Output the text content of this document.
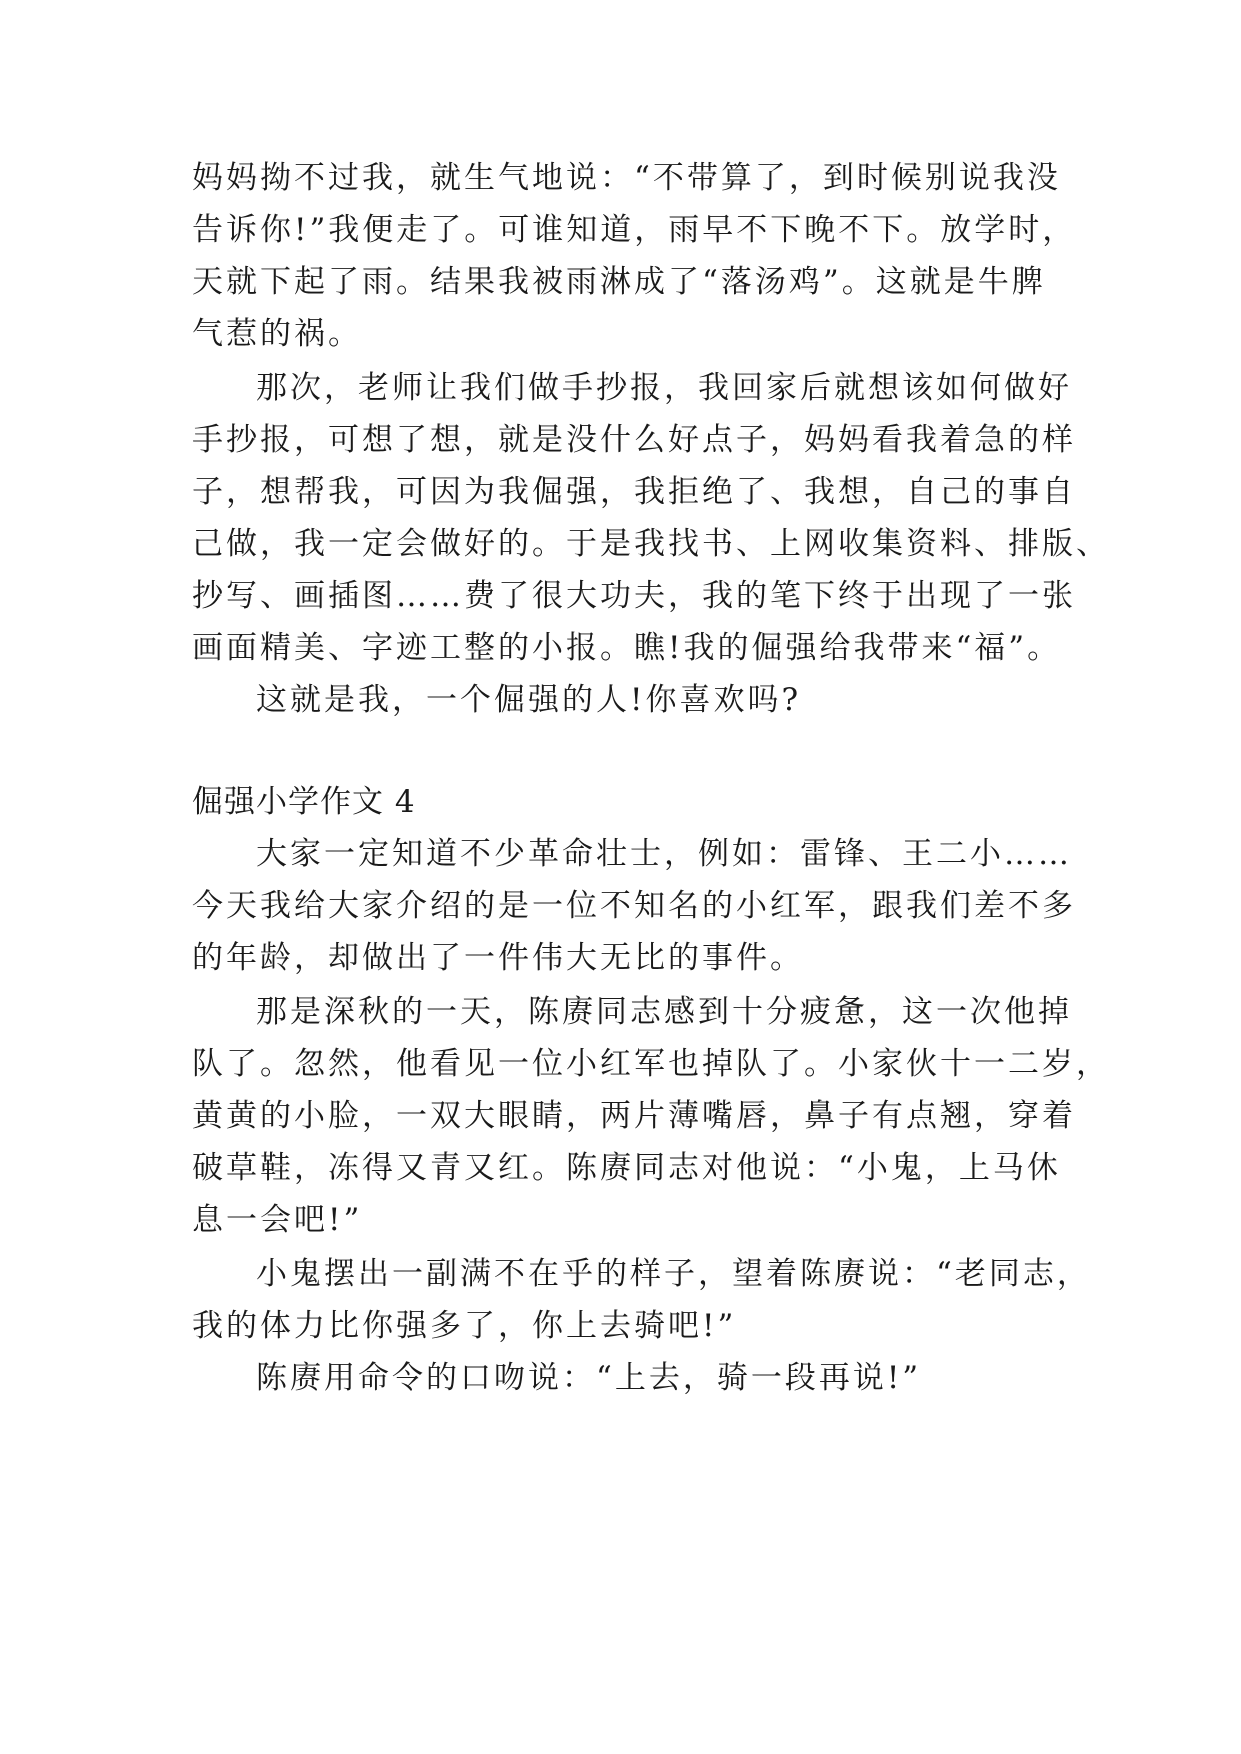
妈妈拗不过我，就生气地说：“不带算了，到时候别说我没
告诉你!”我便走了。可谁知道，雨早不下晚不下。放学时，
天就下起了雨。结果我被雨淋成了“落汤鸡”。这就是牛脾
气惹的祸。
那次，老师让我们做手抄报，我回家后就想该如何做好
手抄报，可想了想，就是没什么好点子，妈妈看我着急的样
子，想帮我，可因为我倔强，我拒绝了、我想，自己的事自
己做，我一定会做好的。于是我找书、上网收集资料、排版、
抄写、画插图……费了很大功夫，我的笔下终于出现了一张
画面精美、字迹工整的小报。瞧!我的倔强给我带来“福”。
这就是我，一个倔强的人!你喜欢吗?
倔强小学作文 4
大家一定知道不少革命壮士，例如：雷锋、王二小……
今天我给大家介绍的是一位不知名的小红军，跟我们差不多
的年龄，却做出了一件伟大无比的事件。
那是深秋的一天，陈赓同志感到十分疲惫，这一次他掉
队了。忽然，他看见一位小红军也掉队了。小家伙十一二岁，
黄黄的小脸，一双大眼睛，两片薄嘴唇，鼻子有点翘，穿着
破草鞋，冻得又青又红。陈赓同志对他说：“小鬼，上马休
息一会吧!”
小鬼摆出一副满不在乎的样子，望着陈赓说：“老同志，
我的体力比你强多了，你上去骑吧!”
陈赓用命令的口吻说：“上去，骑一段再说!”
